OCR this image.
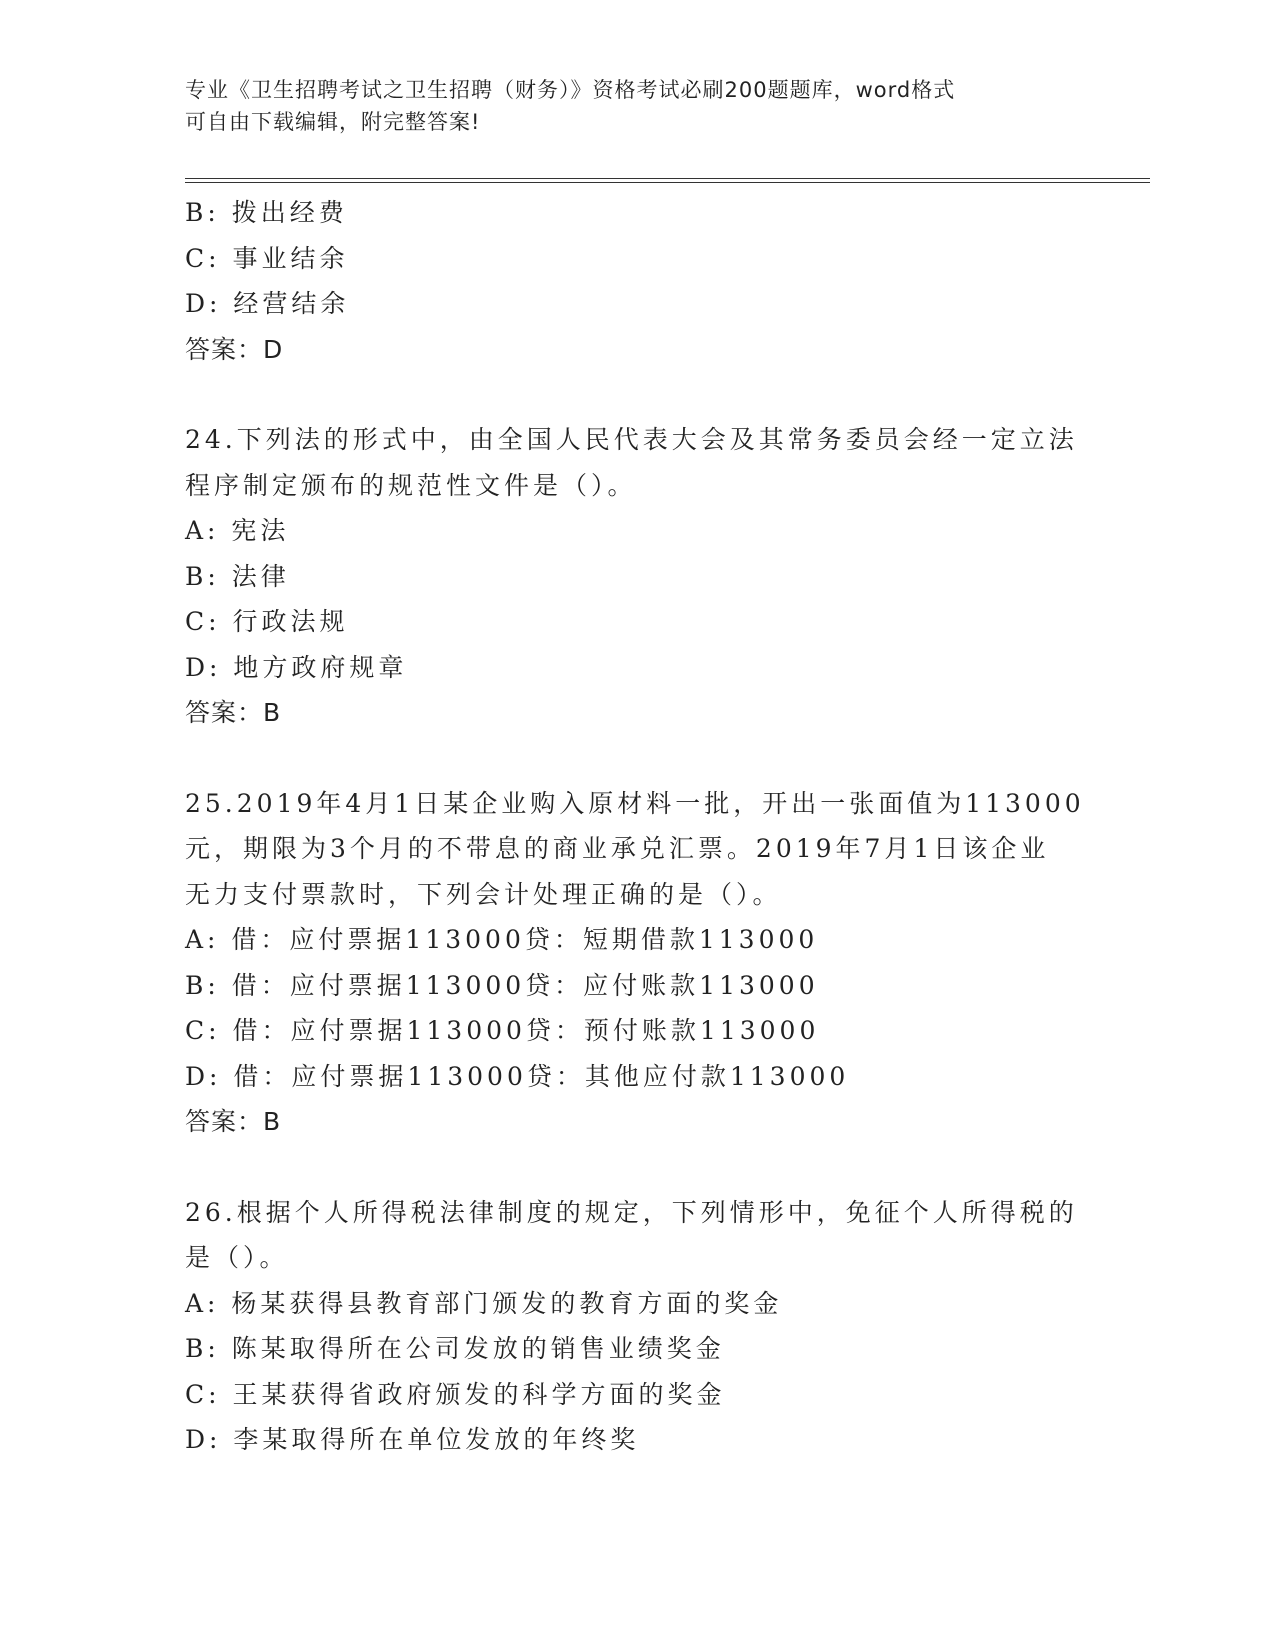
专业《卫生招聘考试之卫生招聘（财务）》资格考试必刷200题题库，word格式
可自由下载编辑，附完整答案!
B: 拨出经费
C: 事业结余
D: 经营结余
答案：D
24.下列法的形式中，由全国人民代表大会及其常务委员会经一定立法
程序制定颁布的规范性文件是（）。
A: 宪法
B: 法律
C: 行政法规
D: 地方政府规章
答案：B
25.2019年4月1日某企业购入原材料一批，开出一张面值为113000
元，期限为3个月的不带息的商业承兑汇票。2019年7月1日该企业
无力支付票款时，下列会计处理正确的是（）。
A: 借：应付票据113000贷：短期借款113000
B: 借：应付票据113000贷：应付账款113000
C: 借：应付票据113000贷：预付账款113000
D: 借：应付票据113000贷：其他应付款113000
答案：B
26.根据个人所得税法律制度的规定，下列情形中，免征个人所得税的
是（）。
A: 杨某获得县教育部门颁发的教育方面的奖金
B: 陈某取得所在公司发放的销售业绩奖金
C: 王某获得省政府颁发的科学方面的奖金
D: 李某取得所在单位发放的年终奖
